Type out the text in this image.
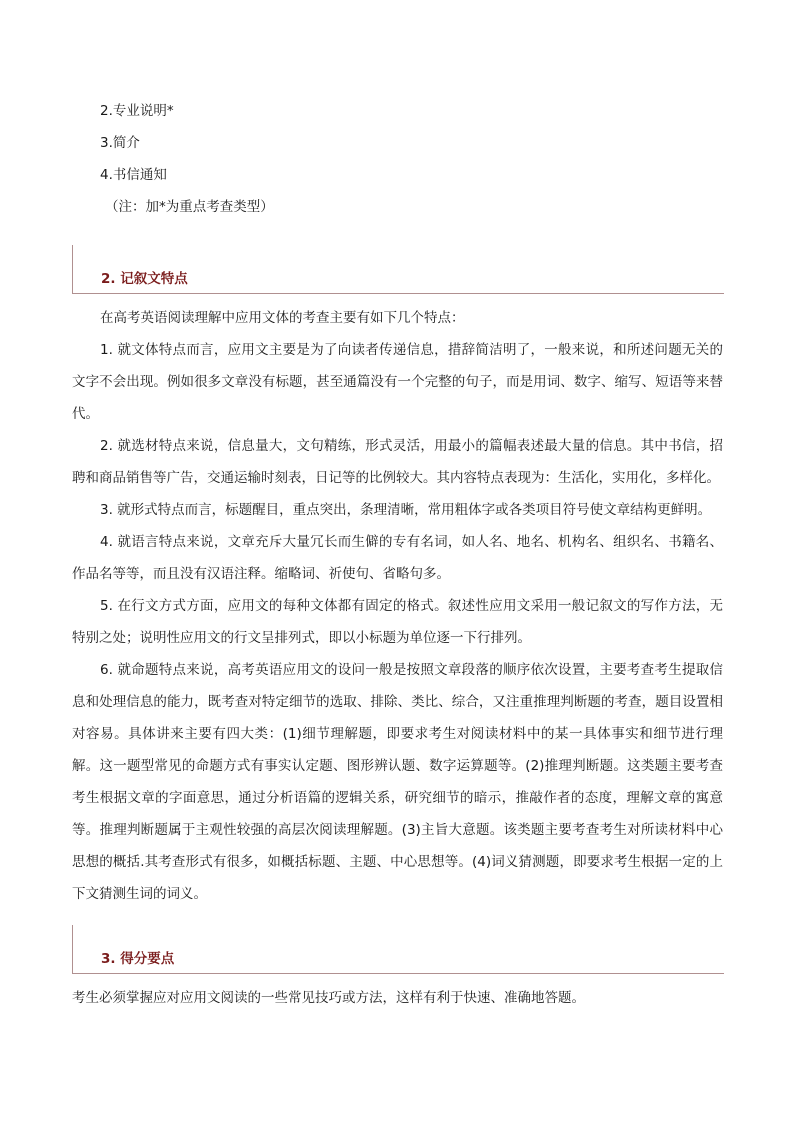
2.专业说明*
3.简介
4.书信通知
（注：加*为重点考查类型）
2. 记叙文特点

在高考英语阅读理解中应用文体的考查主要有如下几个特点：

1. 就文体特点而言，应用文主要是为了向读者传递信息，措辞简洁明了，一般来说，和所述问题无关的文字不会出现。例如很多文章没有标题，甚至通篇没有一个完整的句子，而是用词、数字、缩写、短语等来替代。

2. 就选材特点来说，信息量大，文句精练，形式灵活，用最小的篇幅表述最大量的信息。其中书信，招聘和商品销售等广告，交通运输时刻表，日记等的比例较大。其内容特点表现为：生活化，实用化，多样化。

3. 就形式特点而言，标题醒目，重点突出，条理清晰，常用粗体字或各类项目符号使文章结构更鲜明。

4. 就语言特点来说，文章充斥大量冗长而生僻的专有名词，如人名、地名、机构名、组织名、书籍名、作品名等等，而且没有汉语注释。缩略词、祈使句、省略句多。

5. 在行文方式方面，应用文的每种文体都有固定的格式。叙述性应用文采用一般记叙文的写作方法，无特别之处；说明性应用文的行文呈排列式，即以小标题为单位逐一下行排列。

6. 就命题特点来说，高考英语应用文的设问一般是按照文章段落的顺序依次设置，主要考查考生提取信息和处理信息的能力，既考查对特定细节的选取、排除、类比、综合，又注重推理判断题的考查，题目设置相对容易。具体讲来主要有四大类：(1)细节理解题，即要求考生对阅读材料中的某一具体事实和细节进行理解。这一题型常见的命题方式有事实认定题、图形辨认题、数字运算题等。(2)推理判断题。这类题主要考查考生根据文章的字面意思，通过分析语篇的逻辑关系，研究细节的暗示，推敲作者的态度，理解文章的寓意等。推理判断题属于主观性较强的高层次阅读理解题。(3)主旨大意题。该类题主要考查考生对所读材料中心思想的概括.其考查形式有很多，如概括标题、主题、中心思想等。(4)词义猜测题，即要求考生根据一定的上下文猜测生词的词义。

3. 得分要点

考生必须掌握应对应用文阅读的一些常见技巧或方法，这样有利于快速、准确地答题。
